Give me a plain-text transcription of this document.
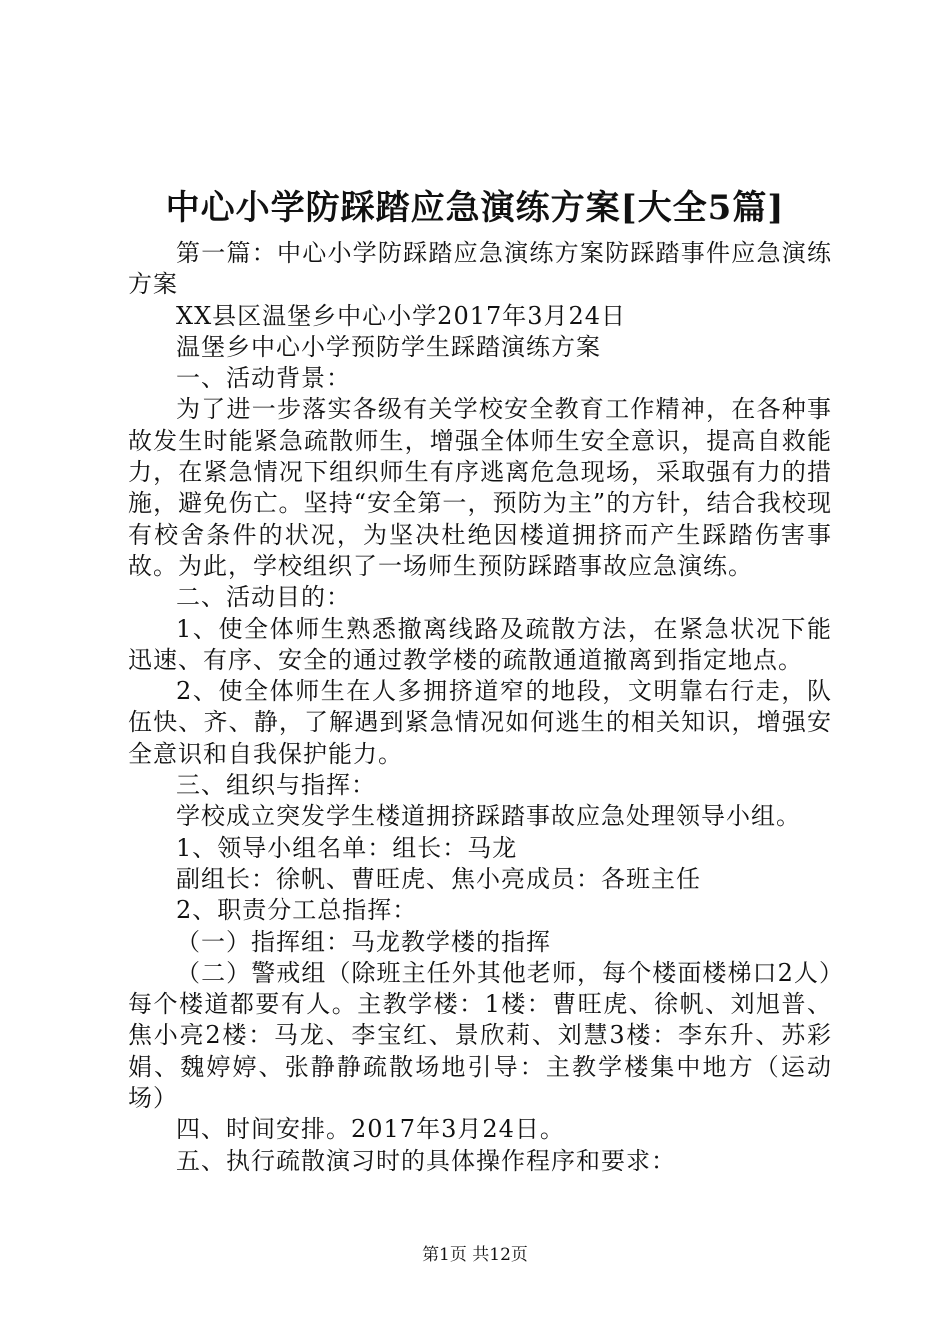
中心小学防踩踏应急演练方案[大全5篇]

第一篇：中心小学防踩踏应急演练方案防踩踏事件应急演练方案

XX县区温堡乡中心小学2017年3月24日

温堡乡中心小学预防学生踩踏演练方案

一、活动背景：

为了进一步落实各级有关学校安全教育工作精神，在各种事故发生时能紧急疏散师生，增强全体师生安全意识，提高自救能力，在紧急情况下组织师生有序逃离危急现场，采取强有力的措施，避免伤亡。坚持“安全第一，预防为主”的方针，结合我校现有校舍条件的状况，为坚决杜绝因楼道拥挤而产生踩踏伤害事故。为此，学校组织了一场师生预防踩踏事故应急演练。

二、活动目的：

1、使全体师生熟悉撤离线路及疏散方法，在紧急状况下能迅速、有序、安全的通过教学楼的疏散通道撤离到指定地点。

2、使全体师生在人多拥挤道窄的地段，文明靠右行走，队伍快、齐、静，了解遇到紧急情况如何逃生的相关知识，增强安全意识和自我保护能力。

三、组织与指挥：

学校成立突发学生楼道拥挤踩踏事故应急处理领导小组。

1、领导小组名单：组长：马龙

副组长：徐帆、曹旺虎、焦小亮成员：各班主任

2、职责分工总指挥：

（一）指挥组：马龙教学楼的指挥

（二）警戒组（除班主任外其他老师，每个楼面楼梯口2人）每个楼道都要有人。主教学楼：1楼：曹旺虎、徐帆、刘旭普、焦小亮2楼：马龙、李宝红、景欣莉、刘慧3楼：李东升、苏彩娟、魏婷婷、张静静疏散场地引导：主教学楼集中地方（运动场）

四、时间安排。2017年3月24日。

五、执行疏散演习时的具体操作程序和要求：

第1页 共12页
